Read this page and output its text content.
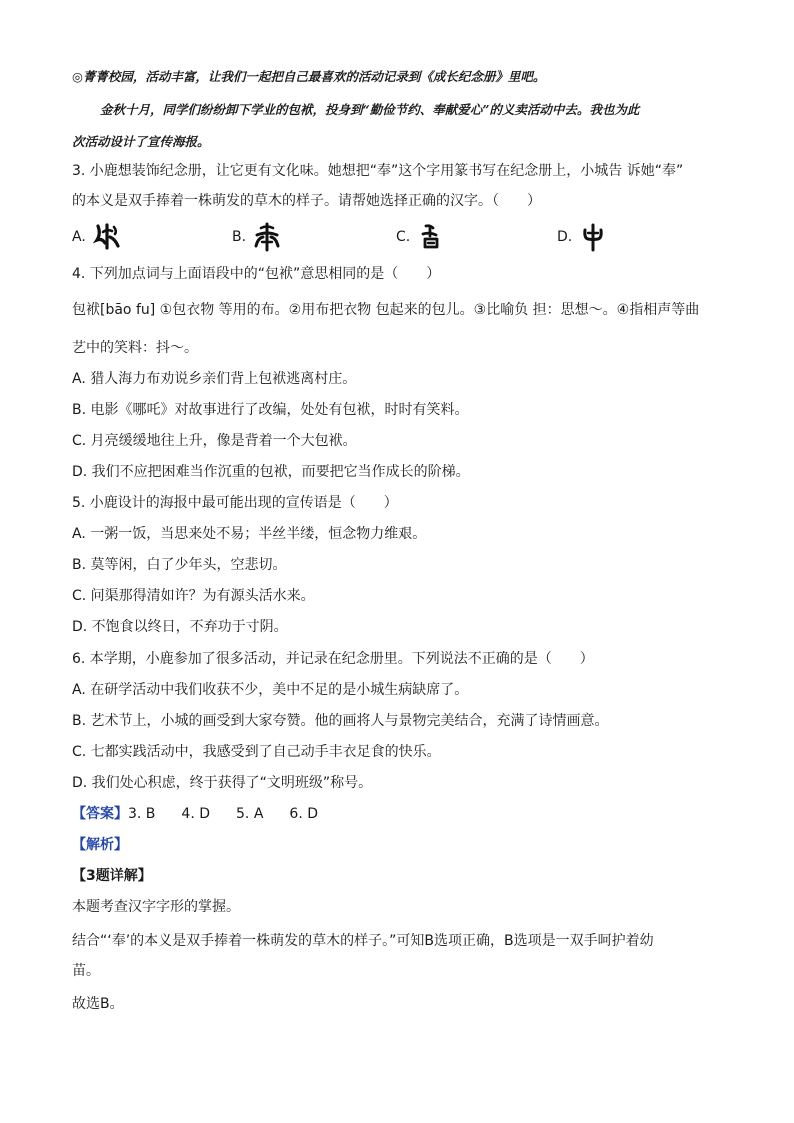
◎菁菁校园，活动丰富，让我们一起把自己最喜欢的活动记录到《成长纪念册》里吧。
金秋十月，同学们纷纷卸下学业的包袱，投身到“勤俭节约、奉献爱心”的义卖活动中去。我也为此
次活动设计了宣传海报。
3. 小鹿想装饰纪念册，让它更有文化味。她想把“奉”这个字用篆书写在纪念册上，小城告 诉她“奉”
的本义是双手捧着一株萌发的草木的样子。请帮她选择正确的汉字。（　　）
A.	B.	C.	D.
4. 下列加点词与上面语段中的“包袱”意思相同的是（　　）
包袱[bāo fu] ①包衣物 等用的布。②用布把衣物 包起来的包儿。③比喻负 担：思想～。④指相声等曲
艺中的笑料：抖～。
A. 猎人海力布劝说乡亲们背上包袱逃离村庄。
B. 电影《哪吒》对故事进行了改编，处处有包袱，时时有笑料。
C. 月亮缓缓地往上升，像是背着一个大包袱。
D. 我们不应把困难当作沉重的包袱，而要把它当作成长的阶梯。
5. 小鹿设计的海报中最可能出现的宣传语是（　　）
A. 一粥一饭，当思来处不易；半丝半缕，恒念物力维艰。
B. 莫等闲，白了少年头，空悲切。
C. 问渠那得清如许？为有源头活水来。
D. 不饱食以终日，不弃功于寸阴。
6. 本学期，小鹿参加了很多活动，并记录在纪念册里。下列说法不正确的是（　　）
A. 在研学活动中我们收获不少，美中不足的是小城生病缺席了。
B. 艺术节上，小城的画受到大家夸赞。他的画将人与景物完美结合，充满了诗情画意。
C. 七都实践活动中，我感受到了自己动手丰衣足食的快乐。
D. 我们处心积虑，终于获得了“文明班级”称号。
【答案】3. B 4. D 5. A 6. D
【解析】
【3题详解】
本题考查汉字字形的掌握。
结合“‘奉’的本义是双手捧着一株萌发的草木的样子。”可知B选项正确，B选项是一双手呵护着幼
苗。
故选B。
